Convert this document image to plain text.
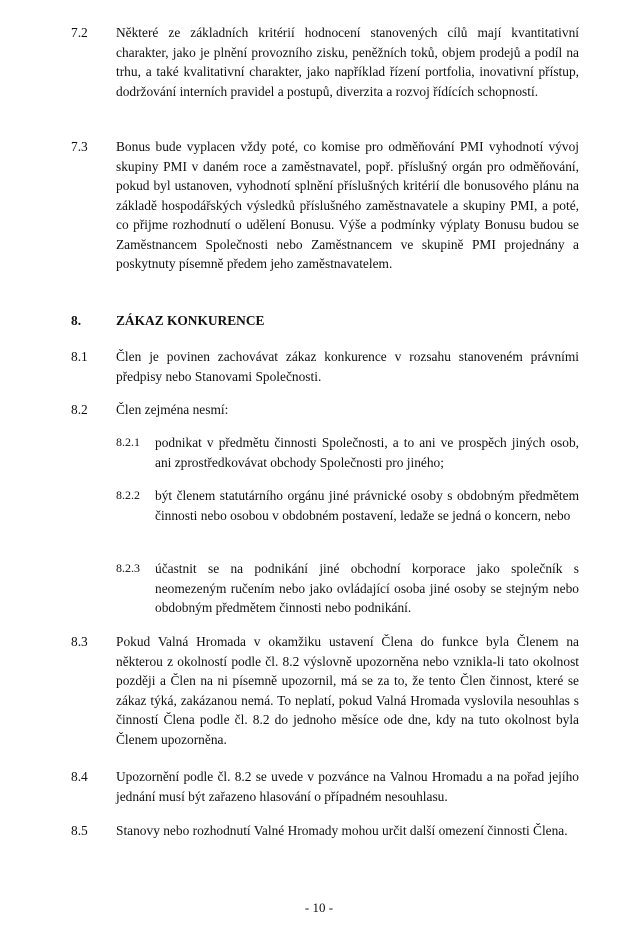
7.2 Některé ze základních kritérií hodnocení stanovených cílů mají kvantitativní charakter, jako je plnění provozního zisku, peněžních toků, objem prodejů a podíl na trhu, a také kvalitativní charakter, jako například řízení portfolia, inovativní přístup, dodržování interních pravidel a postupů, diverzita a rozvoj řídících schopností.
7.3 Bonus bude vyplacen vždy poté, co komise pro odměňování PMI vyhodnotí vývoj skupiny PMI v daném roce a zaměstnavatel, popř. příslušný orgán pro odměňování, pokud byl ustanoven, vyhodnotí splnění příslušných kritérií dle bonusového plánu na základě hospodářských výsledků příslušného zaměstnavatele a skupiny PMI, a poté, co přijme rozhodnutí o udělení Bonusu. Výše a podmínky výplaty Bonusu budou se Zaměstnancem Společnosti nebo Zaměstnancem ve skupině PMI projednány a poskytnuty písemně předem jeho zaměstnavatelem.
8.	ZÁKAZ KONKURENCE
8.1 Člen je povinen zachovávat zákaz konkurence v rozsahu stanoveném právními předpisy nebo Stanovami Společnosti.
8.2 Člen zejména nesmí:
8.2.1 podnikat v předmětu činnosti Společnosti, a to ani ve prospěch jiných osob, ani zprostředkovávat obchody Společnosti pro jiného;
8.2.2 být členem statutárního orgánu jiné právnické osoby s obdobným předmětem činnosti nebo osobou v obdobném postavení, ledaže se jedná o koncern, nebo
8.2.3 účastnit se na podnikání jiné obchodní korporace jako společník s neomezeným ručením nebo jako ovládající osoba jiné osoby se stejným nebo obdobným předmětem činnosti nebo podnikání.
8.3 Pokud Valná Hromada v okamžiku ustavení Člena do funkce byla Členem na některou z okolností podle čl. 8.2 výslovně upozorněna nebo vznikla-li tato okolnost později a Člen na ni písemně upozornil, má se za to, že tento Člen činnost, které se zákaz týká, zakázanou nemá. To neplatí, pokud Valná Hromada vyslovila nesouhlas s činností Člena podle čl. 8.2 do jednoho měsíce ode dne, kdy na tuto okolnost byla Členem upozorněna.
8.4 Upozornění podle čl. 8.2 se uvede v pozvánce na Valnou Hromadu a na pořad jejího jednání musí být zařazeno hlasování o případném nesouhlasu.
8.5 Stanovy nebo rozhodnutí Valné Hromady mohou určit další omezení činnosti Člena.
- 10 -
